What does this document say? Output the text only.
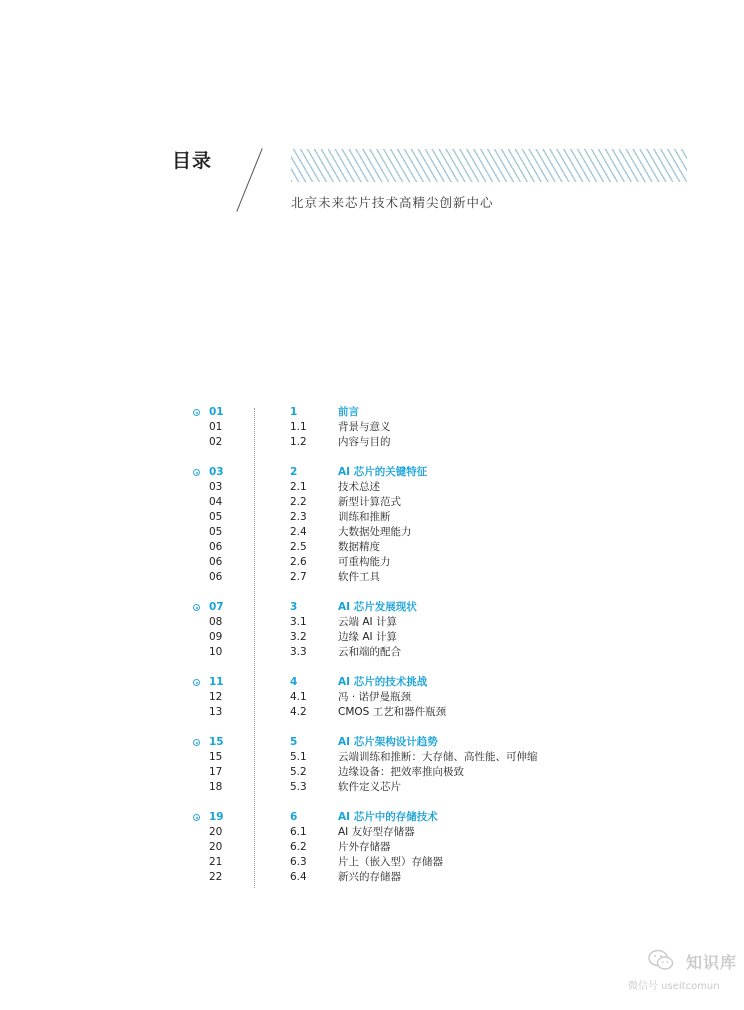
目录
北京未来芯片技术高精尖创新中心
01	1	前言
01	1.1	背景与意义
02	1.2	内容与目的
03	2	AI 芯片的关键特征
03	2.1	技术总述
04	2.2	新型计算范式
05	2.3	训练和推断
05	2.4	大数据处理能力
06	2.5	数据精度
06	2.6	可重构能力
06	2.7	软件工具
07	3	AI 芯片发展现状
08	3.1	云端 AI 计算
09	3.2	边缘 AI 计算
10	3.3	云和端的配合
11	4	AI 芯片的技术挑战
12	4.1	冯 · 诺伊曼瓶颈
13	4.2	CMOS 工艺和器件瓶颈
15	5	AI 芯片架构设计趋势
15	5.1	云端训练和推断：大存储、高性能、可伸缩
17	5.2	边缘设备：把效率推向极致
18	5.3	软件定义芯片
19	6	AI 芯片中的存储技术
20	6.1	AI 友好型存储器
20	6.2	片外存储器
21	6.3	片上（嵌入型）存储器
22	6.4	新兴的存储器
知识库
微信号 useitcomun
